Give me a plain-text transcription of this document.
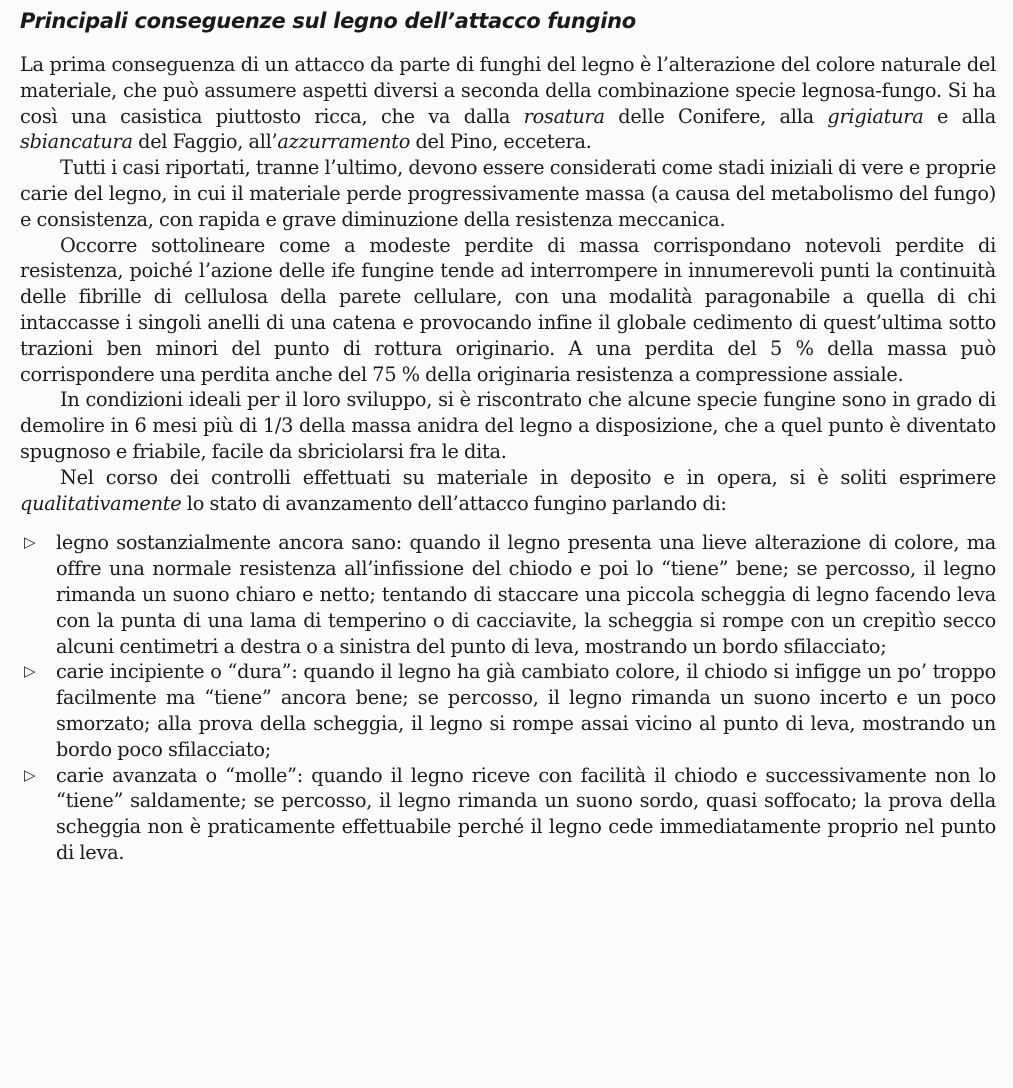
Principali conseguenze sul legno dell’attacco fungino

La prima conseguenza di un attacco da parte di funghi del legno è l’alterazione del colore naturale del materiale, che può assumere aspetti diversi a seconda della combinazione specie legnosa-fungo. Si ha così una casistica piuttosto ricca, che va dalla rosatura delle Conifere, alla grigiatura e alla sbiancatura del Faggio, all’azzurramento del Pino, eccetera.

Tutti i casi riportati, tranne l’ultimo, devono essere considerati come stadi iniziali di vere e proprie carie del legno, in cui il materiale perde progressivamente massa (a causa del metabolismo del fungo) e consistenza, con rapida e grave diminuzione della resistenza meccanica.

Occorre sottolineare come a modeste perdite di massa corrispondano notevoli perdite di resistenza, poiché l’azione delle ife fungine tende ad interrompere in innumerevoli punti la continuità delle fibrille di cellulosa della parete cellulare, con una modalità paragonabile a quella di chi intaccasse i singoli anelli di una catena e provocando infine il globale cedimento di quest’ultima sotto trazioni ben minori del punto di rottura originario. A una perdita del 5 % della massa può corrispondere una perdita anche del 75 % della originaria resistenza a compressione assiale.

In condizioni ideali per il loro sviluppo, si è riscontrato che alcune specie fungine sono in grado di demolire in 6 mesi più di 1/3 della massa anidra del legno a disposizione, che a quel punto è diventato spugnoso e friabile, facile da sbriciolarsi fra le dita.

Nel corso dei controlli effettuati su materiale in deposito e in opera, si è soliti esprimere qualitativamente lo stato di avanzamento dell’attacco fungino parlando di:

▷ legno sostanzialmente ancora sano: quando il legno presenta una lieve alterazione di colore, ma offre una normale resistenza all’infissione del chiodo e poi lo “tiene” bene; se percosso, il legno rimanda un suono chiaro e netto; tentando di staccare una piccola scheggia di legno facendo leva con la punta di una lama di temperino o di cacciavite, la scheggia si rompe con un crepitìo secco alcuni centimetri a destra o a sinistra del punto di leva, mostrando un bordo sfilacciato;
▷ carie incipiente o “dura”: quando il legno ha già cambiato colore, il chiodo si infigge un po’ troppo facilmente ma “tiene” ancora bene; se percosso, il legno rimanda un suono incerto e un poco smorzato; alla prova della scheggia, il legno si rompe assai vicino al punto di leva, mostrando un bordo poco sfilacciato;
▷ carie avanzata o “molle”: quando il legno riceve con facilità il chiodo e successivamente non lo “tiene” saldamente; se percosso, il legno rimanda un suono sordo, quasi soffocato; la prova della scheggia non è praticamente effettuabile perché il legno cede immediatamente proprio nel punto di leva.
